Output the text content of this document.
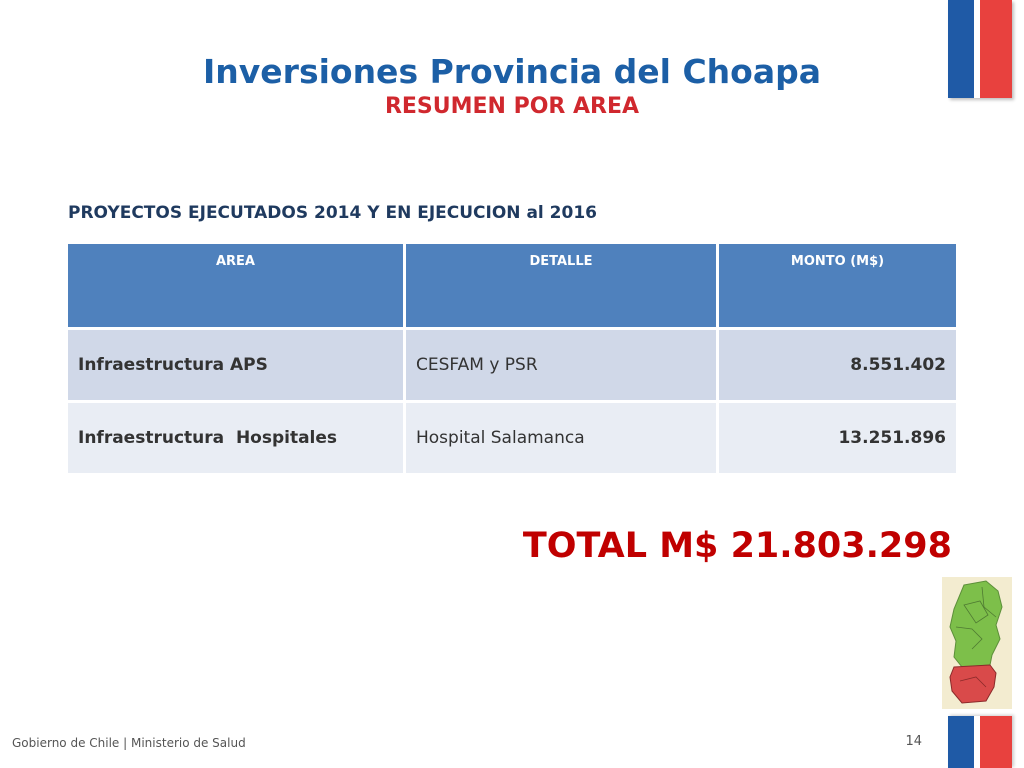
Inversiones Provincia del Choapa
RESUMEN POR AREA

PROYECTOS EJECUTADOS 2014 Y EN EJECUCION al 2016

AREA	DETALLE	MONTO (M$)
Infraestructura APS	CESFAM y PSR	8.551.402
Infraestructura  Hospitales	Hospital Salamanca	13.251.896

TOTAL M$ 21.803.298

Gobierno de Chile | Ministerio de Salud	14
